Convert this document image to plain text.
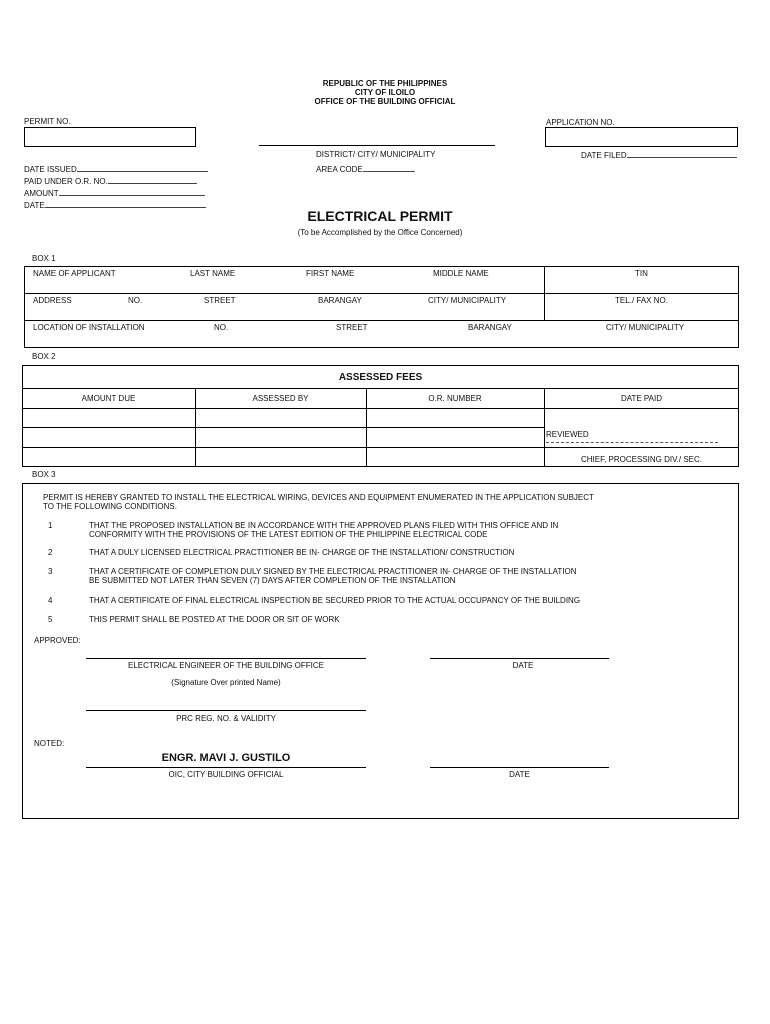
REPUBLIC OF THE PHILIPPINES
CITY OF ILOILO
OFFICE OF THE BUILDING OFFICIAL
PERMIT NO.	APPLICATION NO.
DISTRICT/ CITY/ MUNICIPALITY
AREA CODE
DATE FILED
DATE ISSUED
PAID UNDER O.R. NO.
AMOUNT
DATE
ELECTRICAL PERMIT
(To be Accomplished by the Office Concerned)
BOX 1
NAME OF APPLICANT	LAST NAME	FIRST NAME	MIDDLE NAME	TIN
ADDRESS	NO.	STREET	BARANGAY	CITY/ MUNICIPALITY	TEL./ FAX NO.
LOCATION OF INSTALLATION	NO.	STREET	BARANGAY	CITY/ MUNICIPALITY
BOX 2
ASSESSED FEES
AMOUNT DUE	ASSESSED BY	O.R. NUMBER	DATE PAID
REVIEWED
CHIEF, PROCESSING DIV./ SEC.
BOX 3
PERMIT IS HEREBY GRANTED TO INSTALL THE ELECTRICAL WIRING, DEVICES AND EQUIPMENT ENUMERATED IN THE APPLICATION SUBJECT
TO THE FOLLOWING CONDITIONS.
1	THAT THE PROPOSED INSTALLATION BE IN ACCORDANCE WITH THE APPROVED PLANS FILED WITH THIS OFFICE AND IN
CONFORMITY WITH THE PROVISIONS OF THE LATEST EDITION OF THE PHILIPPINE ELECTRICAL CODE
2	THAT A DULY LICENSED ELECTRICAL PRACTITIONER BE IN- CHARGE OF THE INSTALLATION/ CONSTRUCTION
3	THAT A CERTIFICATE OF COMPLETION DULY SIGNED BY THE ELECTRICAL PRACTITIONER IN- CHARGE OF THE INSTALLATION
BE SUBMITTED NOT LATER THAN SEVEN (7) DAYS AFTER COMPLETION OF THE INSTALLATION
4	THAT A CERTIFICATE OF FINAL ELECTRICAL INSPECTION BE SECURED PRIOR TO THE ACTUAL OCCUPANCY OF THE BUILDING
5	THIS PERMIT SHALL BE POSTED AT THE DOOR OR SIT OF WORK
APPROVED:
ELECTRICAL ENGINEER OF THE BUILDING OFFICE
(Signature Over printed Name)
DATE
PRC REG. NO. & VALIDITY
NOTED:
ENGR. MAVI J. GUSTILO
OIC, CITY BUILDING OFFICIAL	DATE
